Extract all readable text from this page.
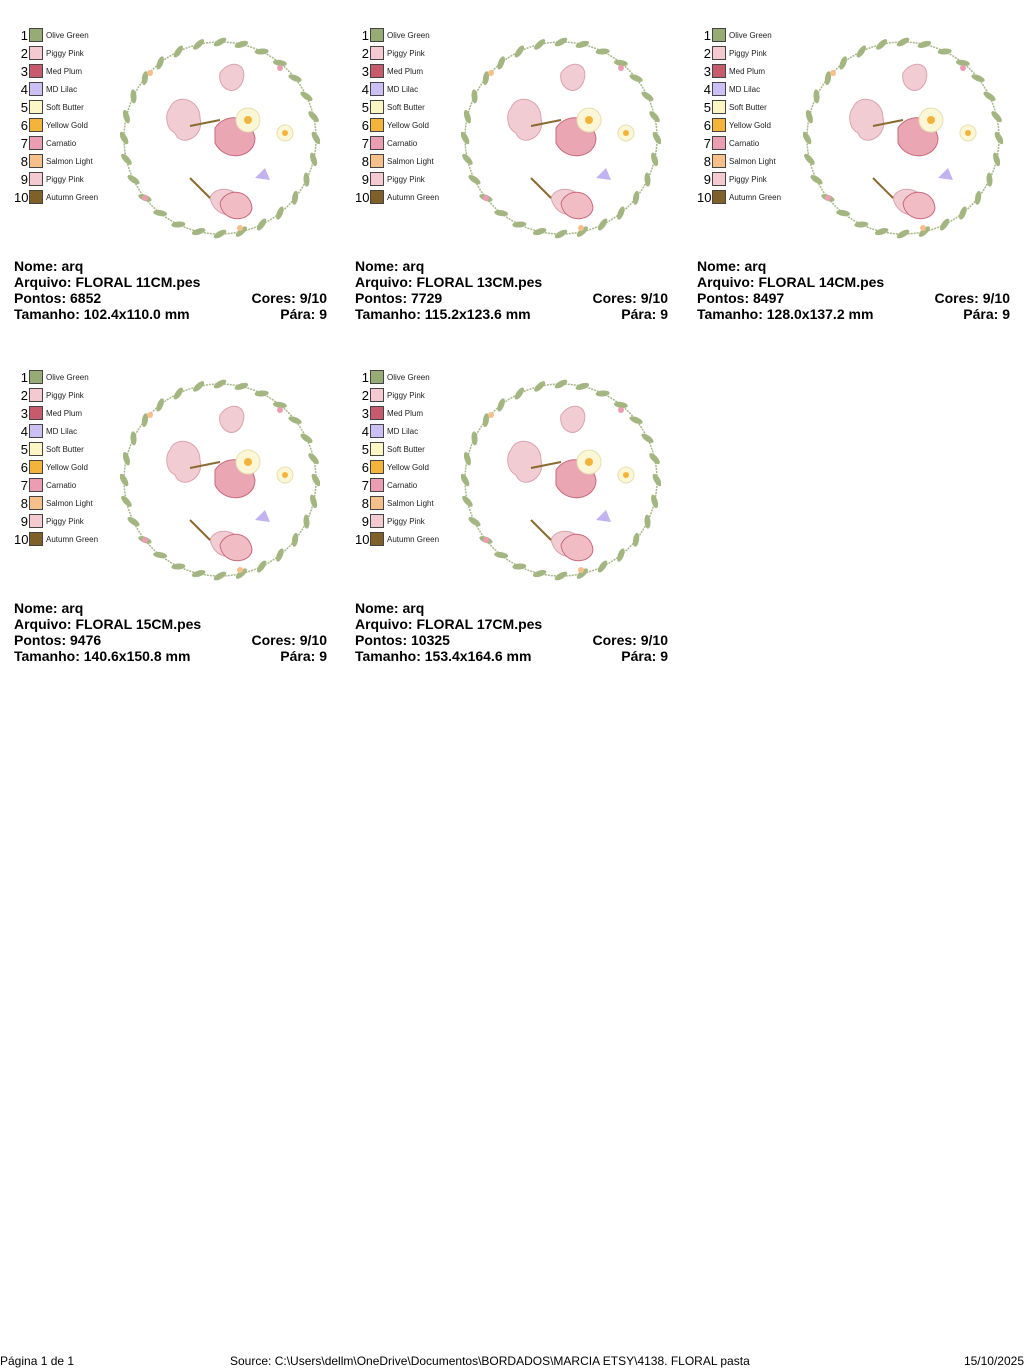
1 Olive Green
2 Piggy Pink
3 Med Plum
4 MD Lilac
5 Soft Butter
6 Yellow Gold
7 Carnatio
8 Salmon Light
9 Piggy Pink
10 Autumn Green
Nome: arq
Arquivo: FLORAL 11CM.pes
Pontos: 6852	Cores: 9/10
Tamanho: 102.4x110.0 mm	Pára: 9
1 Olive Green
2 Piggy Pink
3 Med Plum
4 MD Lilac
5 Soft Butter
6 Yellow Gold
7 Carnatio
8 Salmon Light
9 Piggy Pink
10 Autumn Green
Nome: arq
Arquivo: FLORAL 13CM.pes
Pontos: 7729	Cores: 9/10
Tamanho: 115.2x123.6 mm	Pára: 9
1 Olive Green
2 Piggy Pink
3 Med Plum
4 MD Lilac
5 Soft Butter
6 Yellow Gold
7 Carnatio
8 Salmon Light
9 Piggy Pink
10 Autumn Green
Nome: arq
Arquivo: FLORAL 14CM.pes
Pontos: 8497	Cores: 9/10
Tamanho: 128.0x137.2 mm	Pára: 9
1 Olive Green
2 Piggy Pink
3 Med Plum
4 MD Lilac
5 Soft Butter
6 Yellow Gold
7 Carnatio
8 Salmon Light
9 Piggy Pink
10 Autumn Green
Nome: arq
Arquivo: FLORAL 15CM.pes
Pontos: 9476	Cores: 9/10
Tamanho: 140.6x150.8 mm	Pára: 9
1 Olive Green
2 Piggy Pink
3 Med Plum
4 MD Lilac
5 Soft Butter
6 Yellow Gold
7 Carnatio
8 Salmon Light
9 Piggy Pink
10 Autumn Green
Nome: arq
Arquivo: FLORAL 17CM.pes
Pontos: 10325	Cores: 9/10
Tamanho: 153.4x164.6 mm	Pára: 9
Página 1 de 1	Source: C:\Users\dellm\OneDrive\Documentos\BORDADOS\MARCIA ETSY\4138. FLORAL pasta	15/10/2025
